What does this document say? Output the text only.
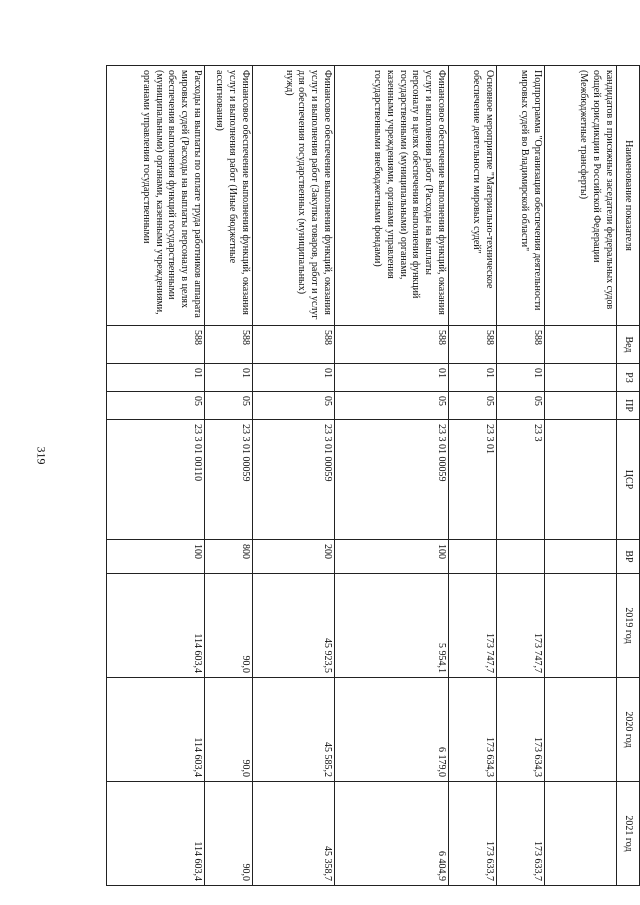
319
Наименование показателя	Вед	РЗ	ПР	ЦСР	ВР	2019 год	2020 год	2021 год
кандидатов в присяжные заседатели федеральных судов общей юрисдикции в Российской Федерации (Межбюджетные трансферты)								
Подпрограмма "Организация обеспечения деятельности мировых судей во Владимирской области"	588	01	05	23 3		173 747,7	173 634,3	173 633,7
Основное мероприятие "Материально-техническое обеспечение деятельности мировых судей"	588	01	05	23 3 01		173 747,7	173 634,3	173 633,7
Финансовое обеспечение выполнения функций, оказания услуг и выполнения работ (Расходы на выплаты персоналу в целях обеспечения выполнения функций государственными (муниципальными) органами, казенными учреждениями, органами управления государственными внебюджетными фондами)	588	01	05	23 3 01 00059	100	5 954,1	6 179,0	6 404,9
Финансовое обеспечение выполнения функций, оказания услуг и выполнения работ (Закупка товаров, работ и услуг для обеспечения государственных (муниципальных) нужд)	588	01	05	23 3 01 00059	200	45 923,5	45 585,2	45 358,7
Финансовое обеспечение выполнения функций, оказания услуг и выполнения работ (Иные бюджетные ассигнования)	588	01	05	23 3 01 00059	800	90,0	90,0	90,0
Расходы на выплаты по оплате труда работников аппарата мировых судей (Расходы на выплаты персоналу в целях обеспечения выполнения функций государственными (муниципальными) органами, казенными учреждениями, органами управления государственными	588	01	05	23 3 01 00110	100	114 603,4	114 603,4	114 603,4
